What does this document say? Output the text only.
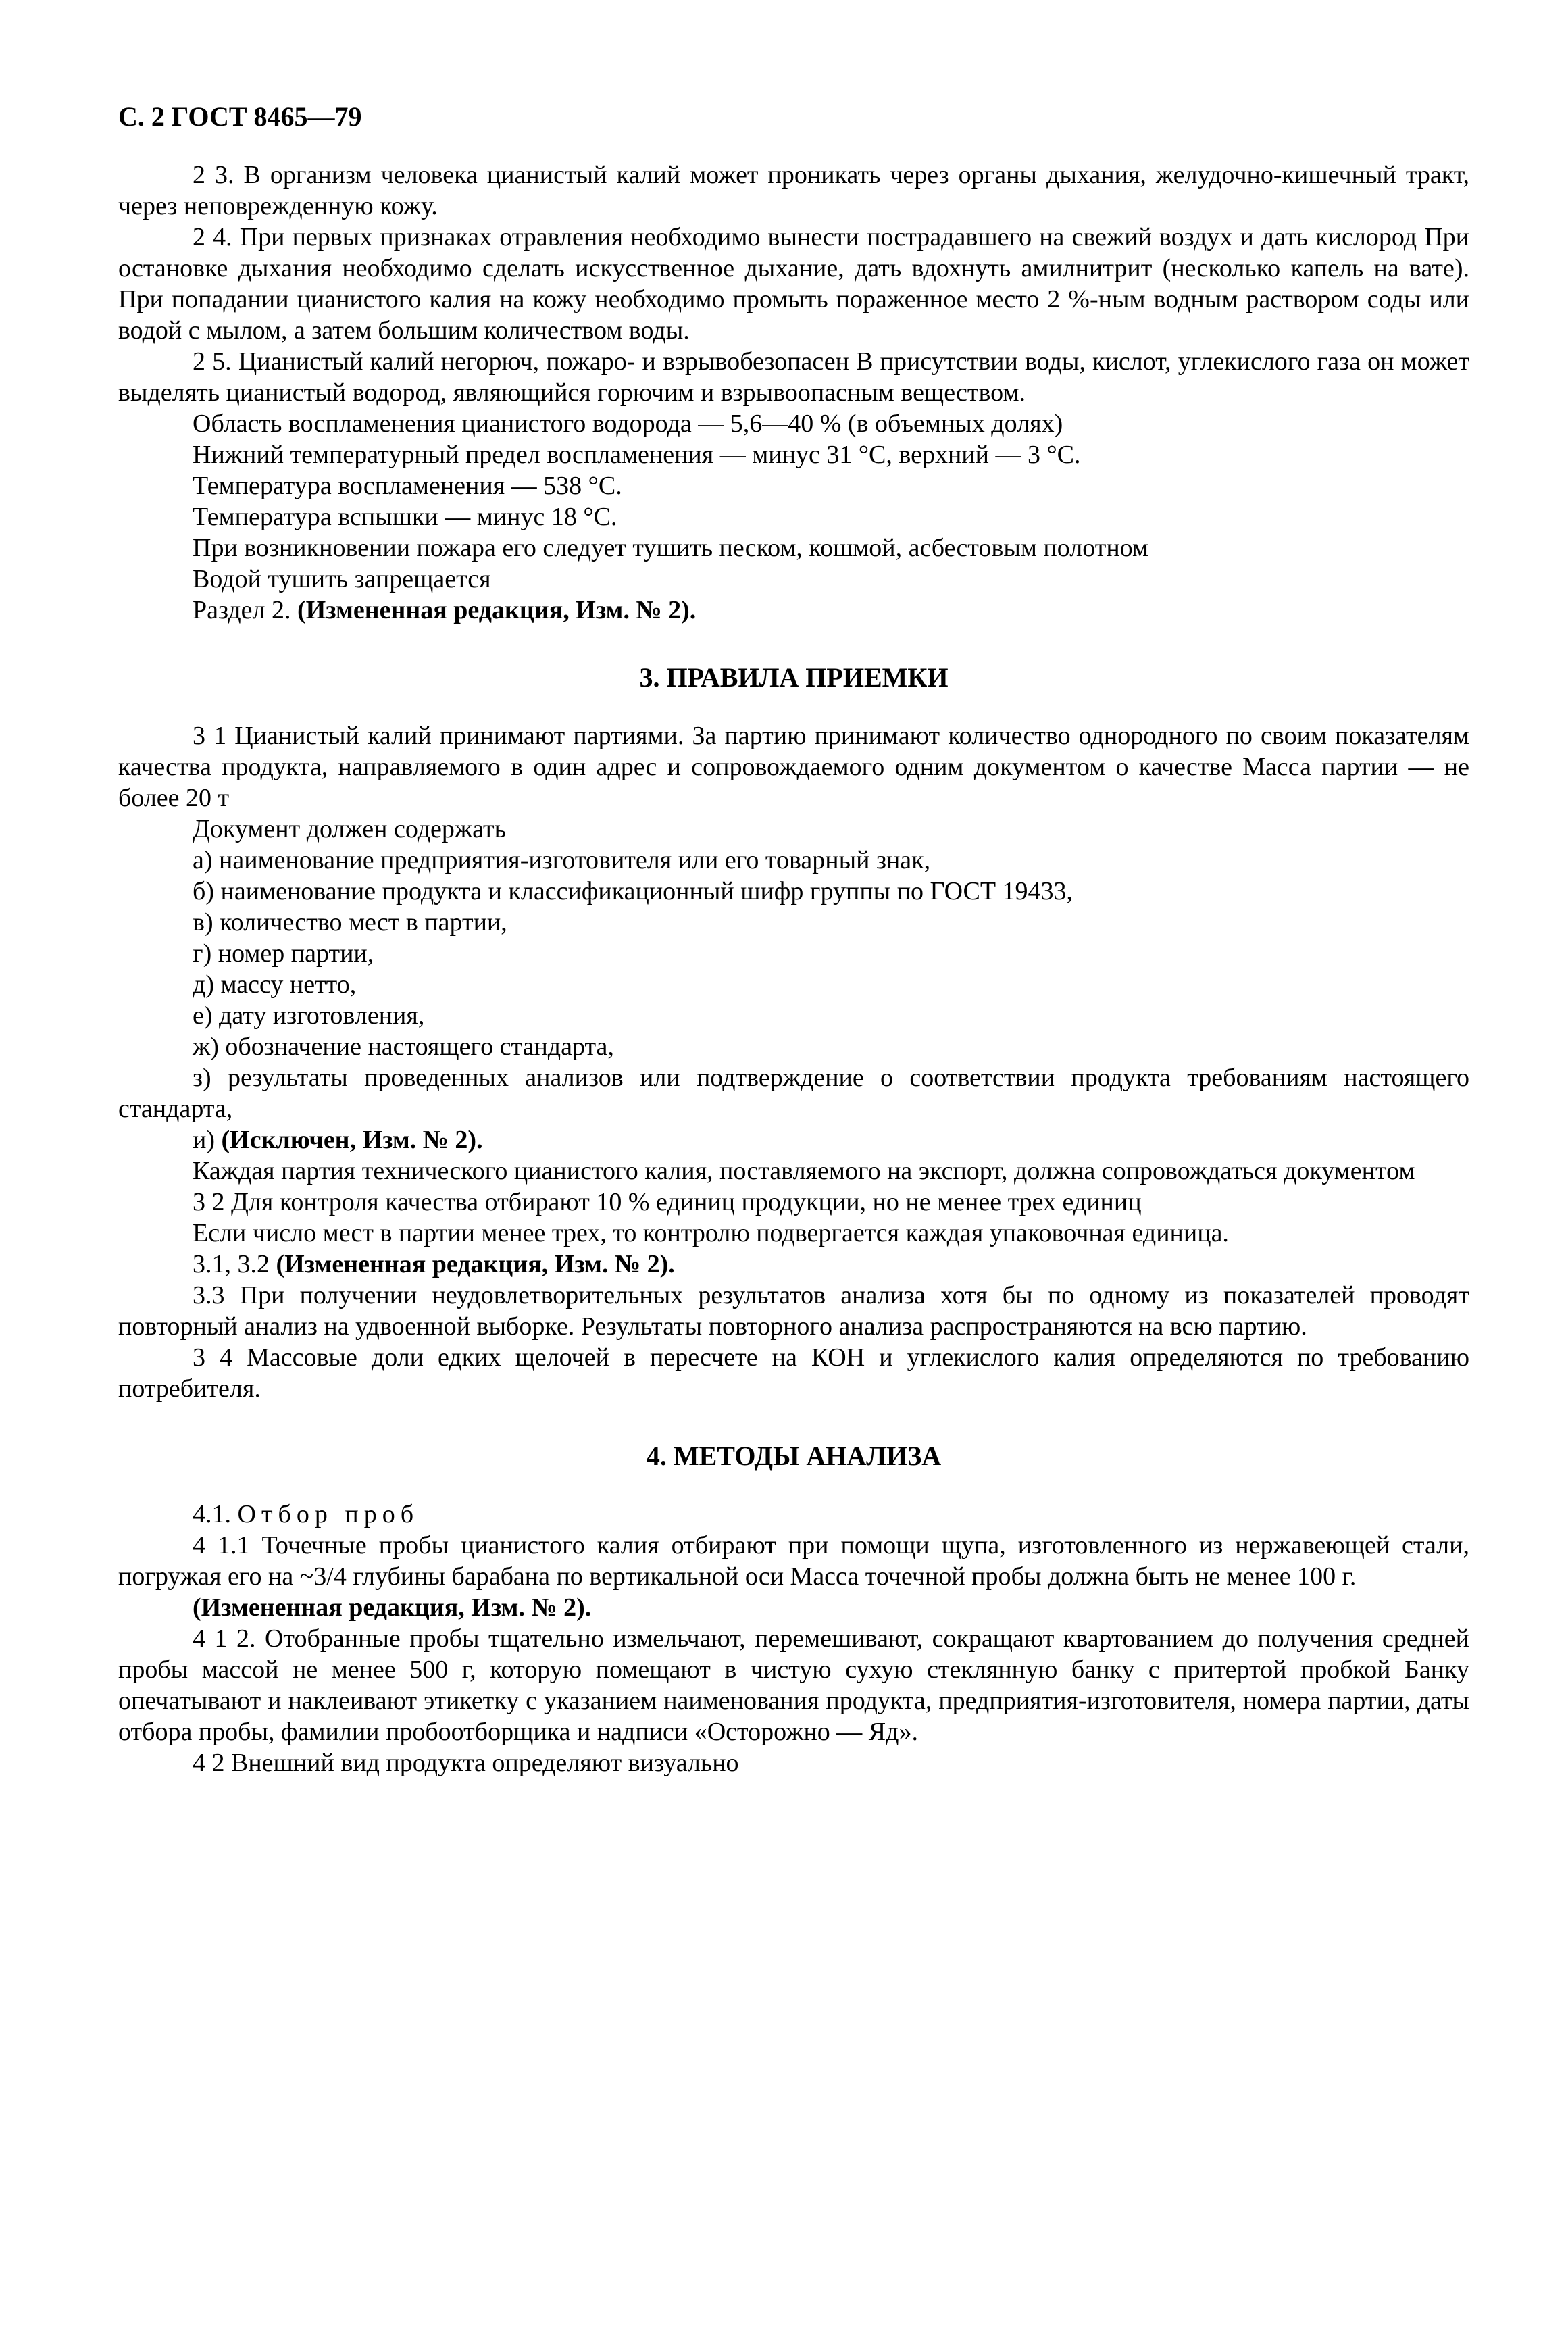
С. 2 ГОСТ 8465—79

2 3. В организм человека цианистый калий может проникать через органы дыхания, желудочно-кишечный тракт, через неповрежденную кожу.

2 4. При первых признаках отравления необходимо вынести пострадавшего на свежий воздух и дать кислород При остановке дыхания необходимо сделать искусственное дыхание, дать вдохнуть амилнитрит (несколько капель на вате). При попадании цианистого калия на кожу необходимо промыть пораженное место 2 %-ным водным раствором соды или водой с мылом, а затем большим количеством воды.

2 5. Цианистый калий негорюч, пожаро- и взрывобезопасен В присутствии воды, кислот, углекислого газа он может выделять цианистый водород, являющийся горючим и взрывоопасным веществом.

Область воспламенения цианистого водорода — 5,6—40 % (в объемных долях)

Нижний температурный предел воспламенения — минус 31 °С, верхний — 3 °С.

Температура воспламенения — 538 °С.

Температура вспышки — минус 18 °С.

При возникновении пожара его следует тушить песком, кошмой, асбестовым полотном

Водой тушить запрещается

Раздел 2. (Измененная редакция, Изм. № 2).

3. ПРАВИЛА ПРИЕМКИ

3 1 Цианистый калий принимают партиями. За партию принимают количество однородного по своим показателям качества продукта, направляемого в один адрес и сопровождаемого одним документом о качестве Масса партии — не более 20 т

Документ должен содержать

а) наименование предприятия-изготовителя или его товарный знак,

б) наименование продукта и классификационный шифр группы по ГОСТ 19433,

в) количество мест в партии,

г) номер партии,

д) массу нетто,

е) дату изготовления,

ж) обозначение настоящего стандарта,

з) результаты проведенных анализов или подтверждение о соответствии продукта требованиям настоящего стандарта,

и) (Исключен, Изм. № 2).

Каждая партия технического цианистого калия, поставляемого на экспорт, должна сопровождаться документом

3 2 Для контроля качества отбирают 10 % единиц продукции, но не менее трех единиц

Если число мест в партии менее трех, то контролю подвергается каждая упаковочная единица.

3.1, 3.2 (Измененная редакция, Изм. № 2).

3.3 При получении неудовлетворительных результатов анализа хотя бы по одному из показателей проводят повторный анализ на удвоенной выборке. Результаты повторного анализа распространяются на всю партию.

3 4 Массовые доли едких щелочей в пересчете на КОН и углекислого калия определяются по требованию потребителя.

4. МЕТОДЫ АНАЛИЗА

4.1. Отбор проб

4 1.1 Точечные пробы цианистого калия отбирают при помощи щупа, изготовленного из нержавеющей стали, погружая его на ~3/4 глубины барабана по вертикальной оси Масса точечной пробы должна быть не менее 100 г.

(Измененная редакция, Изм. № 2).

4 1 2. Отобранные пробы тщательно измельчают, перемешивают, сокращают квартованием до получения средней пробы массой не менее 500 г, которую помещают в чистую сухую стеклянную банку с притертой пробкой Банку опечатывают и наклеивают этикетку с указанием наименования продукта, предприятия-изготовителя, номера партии, даты отбора пробы, фамилии пробоотборщика и надписи «Осторожно — Яд».

4 2 Внешний вид продукта определяют визуально
